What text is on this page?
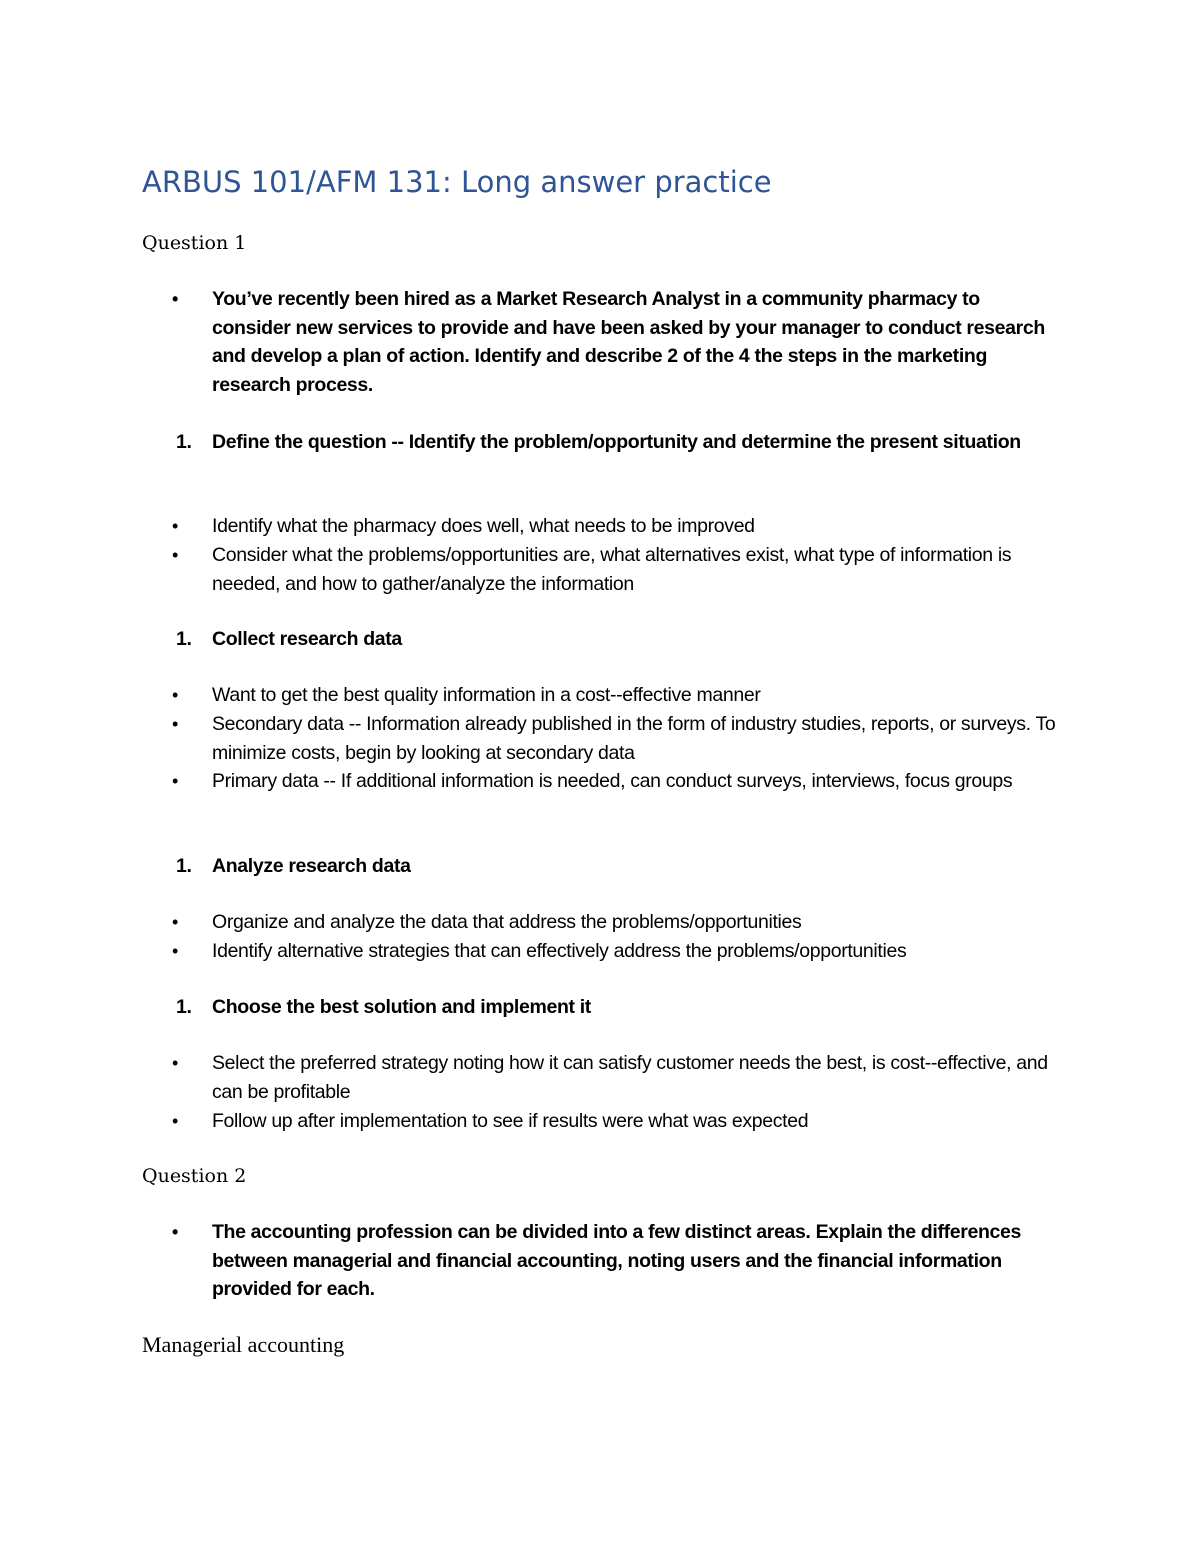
ARBUS 101/AFM 131: Long answer practice

Question 1

•	You’ve recently been hired as a Market Research Analyst in a community pharmacy to consider new services to provide and have been asked by your manager to conduct research and develop a plan of action. Identify and describe 2 of the 4 the steps in the marketing research process.
1.	Define the question -- Identify the problem/opportunity and determine the present situation
•	Identify what the pharmacy does well, what needs to be improved
•	Consider what the problems/opportunities are, what alternatives exist, what type of information is needed, and how to gather/analyze the information
1.	Collect research data
•	Want to get the best quality information in a cost--effective manner
•	Secondary data -- Information already published in the form of industry studies, reports, or surveys. To minimize costs, begin by looking at secondary data
•	Primary data -- If additional information is needed, can conduct surveys, interviews, focus groups
1.	Analyze research data
•	Organize and analyze the data that address the problems/opportunities
•	Identify alternative strategies that can effectively address the problems/opportunities
1.	Choose the best solution and implement it
•	Select the preferred strategy noting how it can satisfy customer needs the best, is cost--effective, and can be profitable
•	Follow up after implementation to see if results were what was expected

Question 2

•	The accounting profession can be divided into a few distinct areas. Explain the differences between managerial and financial accounting, noting users and the financial information provided for each.

Managerial accounting
